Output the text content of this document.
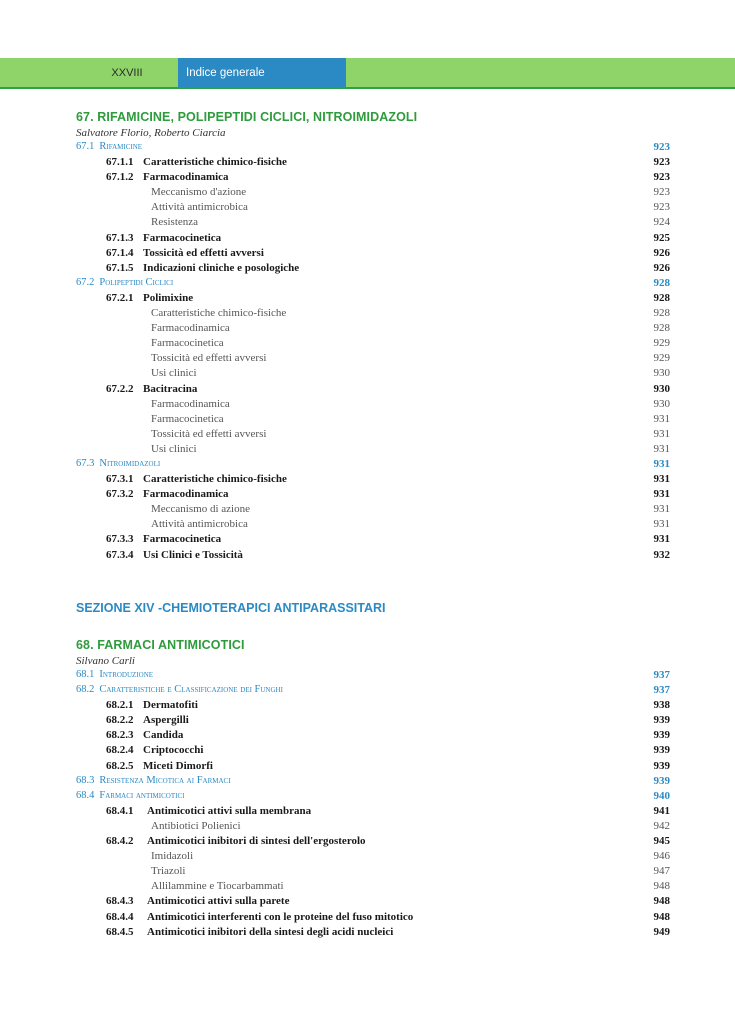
XXVIII	Indice generale
67. RIFAMICINE, POLIPEPTIDI CICLICI, NITROIMIDAZOLI
Salvatore Florio, Roberto Ciarcia
67.1 Rifamicine	923
67.1.1 Caratteristiche chimico-fisiche	923
67.1.2 Farmacodinamica	923
Meccanismo d'azione	923
Attività antimicrobica	923
Resistenza	924
67.1.3 Farmacocinetica	925
67.1.4 Tossicità ed effetti avversi	926
67.1.5 Indicazioni cliniche e posologiche	926
67.2 Polipeptidi Ciclici	928
67.2.1 Polimixine	928
Caratteristiche chimico-fisiche	928
Farmacodinamica	928
Farmacocinetica	929
Tossicità ed effetti avversi	929
Usi clinici	930
67.2.2 Bacitracina	930
Farmacodinamica	930
Farmacocinetica	931
Tossicità ed effetti avversi	931
Usi clinici	931
67.3 Nitroimidazoli	931
67.3.1 Caratteristiche chimico-fisiche	931
67.3.2 Farmacodinamica	931
Meccanismo di azione	931
Attività antimicrobica	931
67.3.3 Farmacocinetica	931
67.3.4 Usi Clinici e Tossicità	932
SEZIONE XIV -CHEMIOTERAPICI ANTIPARASSITARI
68. FARMACI ANTIMICOTICI
Silvano Carli
68.1 Introduzione	937
68.2 Caratteristiche e Classificazione dei Funghi	937
68.2.1 Dermatofiti	938
68.2.2 Aspergilli	939
68.2.3 Candida	939
68.2.4 Criptococchi	939
68.2.5 Miceti Dimorfi	939
68.3 Resistenza Micotica ai Farmaci	939
68.4 Farmaci antimicotici	940
68.4.1 Antimicotici attivi sulla membrana	941
Antibiotici Polienici	942
68.4.2 Antimicotici inibitori di sintesi dell'ergosterolo	945
Imidazoli	946
Triazoli	947
Allilammine e Tiocarbammati	948
68.4.3 Antimicotici attivi sulla parete	948
68.4.4 Antimicotici interferenti con le proteine del fuso mitotico	948
68.4.5 Antimicotici inibitori della sintesi degli acidi nucleici	949
